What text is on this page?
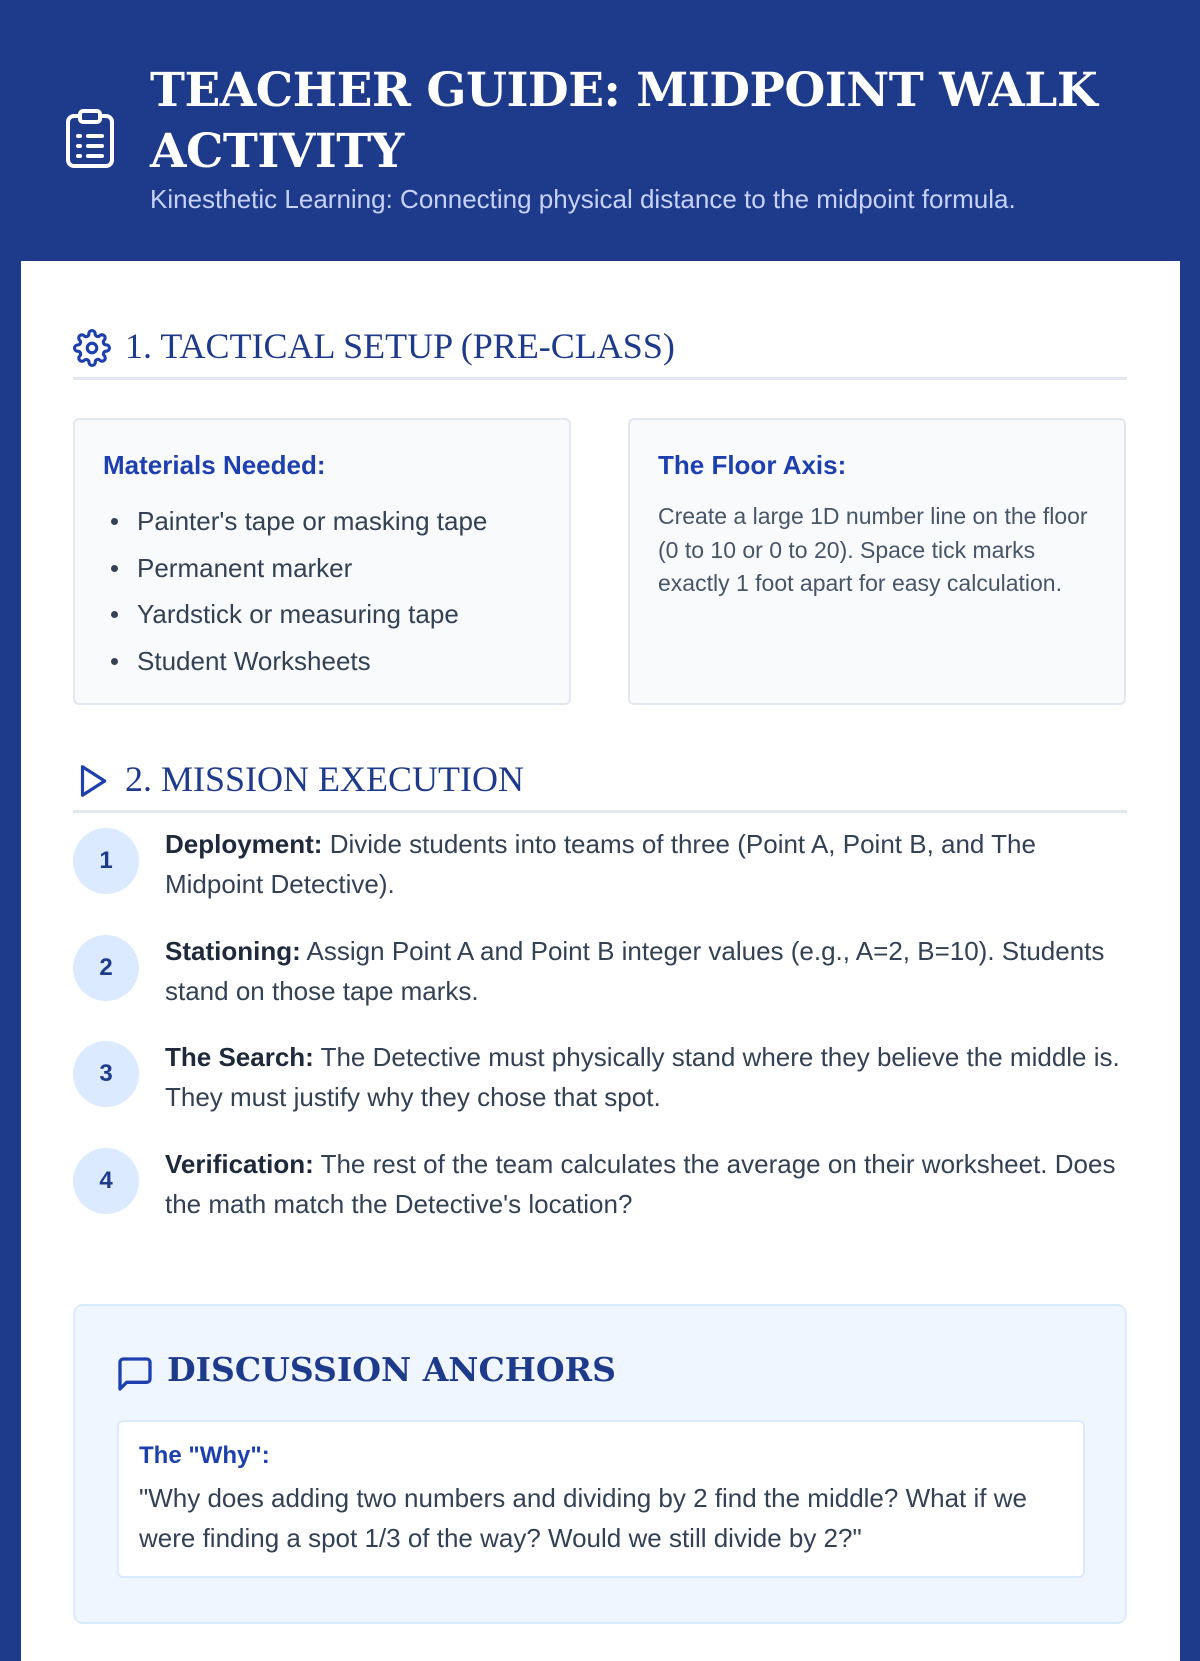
TEACHER GUIDE: MIDPOINT WALK ACTIVITY
Kinesthetic Learning: Connecting physical distance to the midpoint formula.
1. TACTICAL SETUP (PRE-CLASS)
Materials Needed:
Painter's tape or masking tape
Permanent marker
Yardstick or measuring tape
Student Worksheets
The Floor Axis:
Create a large 1D number line on the floor (0 to 10 or 0 to 20). Space tick marks exactly 1 foot apart for easy calculation.
2. MISSION EXECUTION
1
Deployment: Divide students into teams of three (Point A, Point B, and The Midpoint Detective).
2
Stationing: Assign Point A and Point B integer values (e.g., A=2, B=10). Students stand on those tape marks.
3
The Search: The Detective must physically stand where they believe the middle is. They must justify why they chose that spot.
4
Verification: The rest of the team calculates the average on their worksheet. Does the math match the Detective's location?
DISCUSSION ANCHORS
The "Why":
"Why does adding two numbers and dividing by 2 find the middle? What if we were finding a spot 1/3 of the way? Would we still divide by 2?"
